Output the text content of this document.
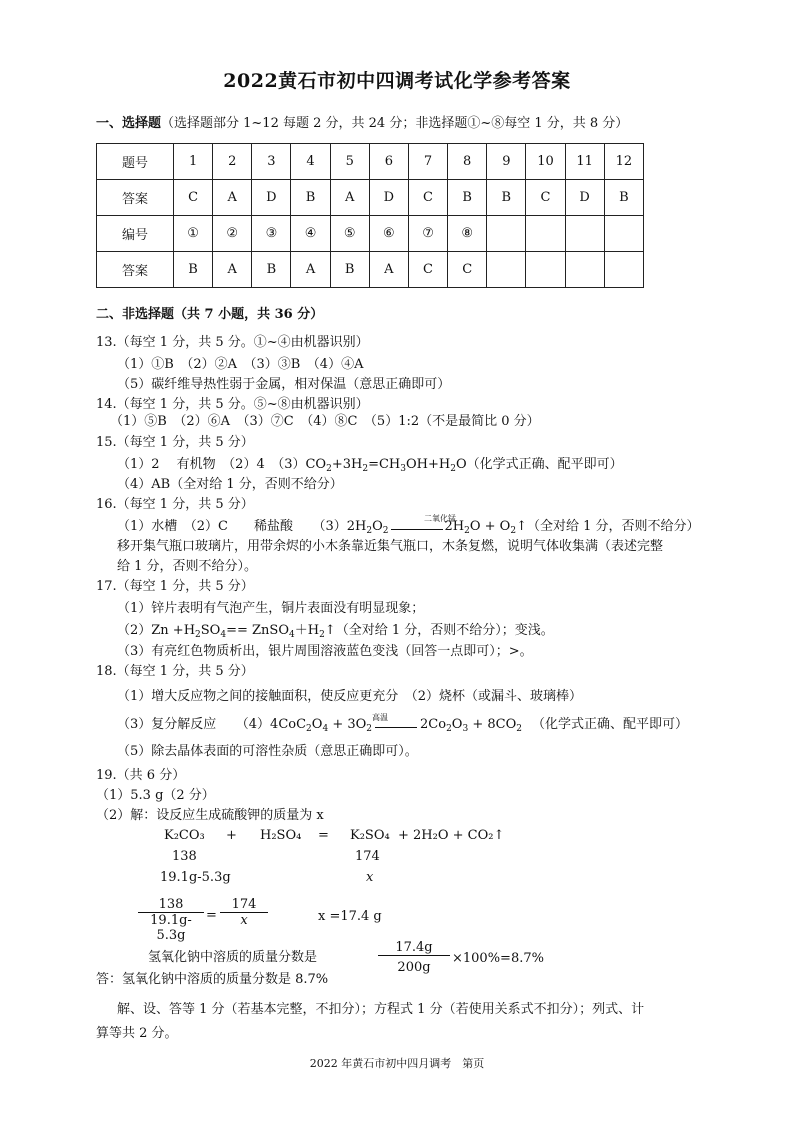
2022黄石市初中四调考试化学参考答案
一、选择题（选择题部分 1~12 每题 2 分，共 24 分；非选择题①~⑧每空 1 分，共 8 分）
题号	1	2	3	4	5	6	7	8	9	10	11	12
答案	C	A	D	B	A	D	C	B	B	C	D	B
编号	①	②	③	④	⑤	⑥	⑦	⑧				
答案	B	A	B	A	B	A	C	C				
二、非选择题（共 7 小题，共 36 分）
13.（每空 1 分，共 5 分。①~④由机器识别）
（1）①B　（2）②A　（3）③B　（4）④A
（5）碳纤维导热性弱于金属，相对保温（意思正确即可）
14.（每空 1 分，共 5 分。⑤~⑧由机器识别）
（1）⑤B　（2）⑥A　（3）⑦C　（4）⑧C　（5）1:2（不是最简比 0 分）
15.（每空 1 分，共 5 分）
（1）2　 有机物　（2）4　$(3)CO_2+3H_2=CH_3OH+H_2O$（化学式正确、配平即可）
（4）AB（全对给 1 分，否则不给分）
16.（每空 1 分，共 5 分）
（1）水槽　（2）C　　稀盐酸　　$(3)2H_2O_2$	$2H_2O$ + $O_2↑$（全对给 1 分，否则不给分）
二氧化锰
移开集气瓶口玻璃片，用带余烬的小木条靠近集气瓶口，木条复燃，说明气体收集满（表述完整
给 1 分，否则不给分）。
17.（每空 1 分，共 5 分）
（1）锌片表明有气泡产生，铜片表面没有明显现象；
$(2)Zn +H_2SO_4==$ $ZnSO_4+H_2↑$（全对给 1 分，否则不给分）；变浅。
（3）有亮红色物质析出，银片周围溶液蓝色变浅（回答一点即可）；>。
18.（每空 1 分，共 5 分）
（1）增大反应物之间的接触面积，使反应更充分　（2）烧杯（或漏斗、玻璃棒）
（3）复分解反应　　$(4)4CoC_2O_4 + 3O_2$	$2Co_2O_3 + 8CO_2$ （化学式正确、配平即可）
高温
（5）除去晶体表面的可溶性杂质（意思正确即可）。
19.（共 6 分）
（1）5.3 g（2 分）
（2）解：设反应生成硫酸钾的质量为 x
K₂CO₃ + H₂SO₄ = K₂SO₄ + 2H₂O + CO₂↑
138	174
19.1g-5.3g	x
$\frac{138}{19.1g-5.3g} = \frac{174}{x}$	x =17.4 g
氢氧化钠中溶质的质量分数是	$\frac{17.4g}{200g} \times 100\%=8.7\%$
答：氢氧化钠中溶质的质量分数是 8.7%
解、设、答等 1 分（若基本完整，不扣分）；方程式 1 分（若使用关系式不扣分）；列式、计
算等共 2 分。
2022 年黄石市初中四月调考　第页
